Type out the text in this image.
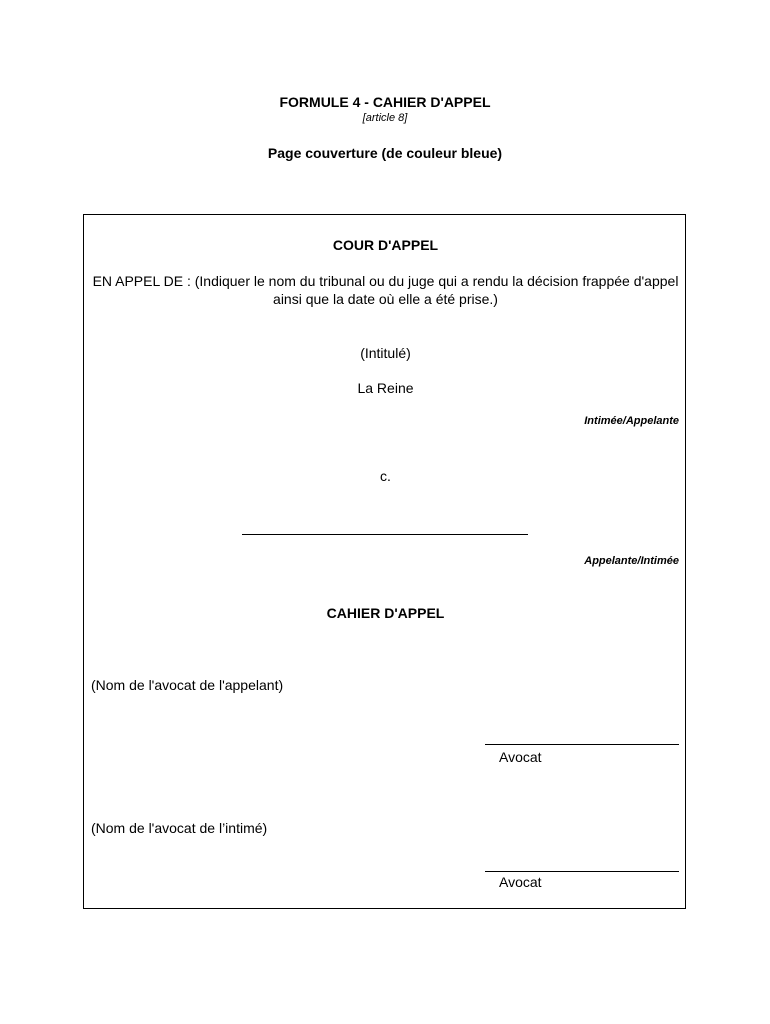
FORMULE 4 - CAHIER D'APPEL
[article 8]
Page couverture (de couleur bleue)
COUR D'APPEL
EN APPEL DE : (Indiquer le nom du tribunal ou du juge qui a rendu la décision frappée d'appel ainsi que la date où elle a été prise.)
(Intitulé)
La Reine
Intimée/Appelante
c.
Appelante/Intimée
CAHIER D'APPEL
(Nom de l'avocat de l'appelant)
Avocat
(Nom de l'avocat de l’intimé)
Avocat
